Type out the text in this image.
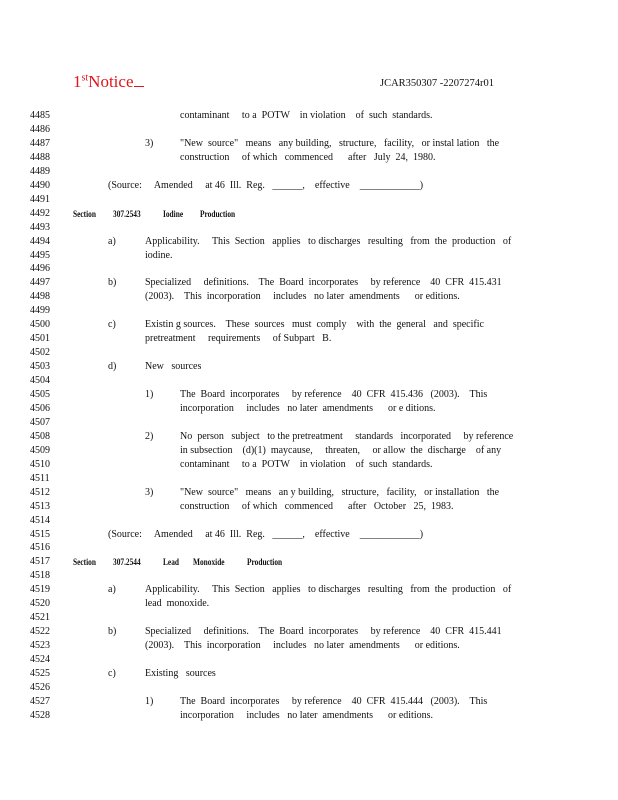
1stNotice	JCAR350307 -2207274r01
4485	contaminant     to a  POTW    in violation    of  such  standards.
4486
4487	3)	"New  source"   means   any building,   structure,   facility,   or instal lation   the
4488	construction     of which   commenced      after   July  24,  1980.
4489
4490	(Source:     Amended     at 46  Ill.  Reg.   ______,    effective    ____________)
4491
4492	Section 307.2543 Iodine Production
4493
4494	a)	Applicability.     This  Section   applies   to discharges   resulting   from  the  production   of
4495	iodine.
4496
4497	b)	Specialized     definitions.    The  Board  incorporates     by reference    40  CFR  415.431
4498	(2003).    This  incorporation     includes   no later  amendments      or editions.
4499
4500	c)	Existin g sources.    These  sources   must  comply    with  the  general   and  specific
4501	pretreatment     requirements     of Subpart   B.
4502
4503	d)	New   sources
4504
4505	1)	The  Board  incorporates     by reference    40  CFR  415.436   (2003).    This
4506	incorporation     includes   no later  amendments      or e ditions.
4507
4508	2)	No  person   subject   to the pretreatment     standards   incorporated     by reference
4509	in subsection    (d)(1)  maycause,     threaten,     or allow  the  discharge    of any
4510	contaminant     to a  POTW    in violation    of  such  standards.
4511
4512	3)	"New  source"   means   an y building,   structure,   facility,   or installation   the
4513	construction     of which   commenced      after   October   25,  1983.
4514
4515	(Source:     Amended     at 46  Ill.  Reg.   ______,    effective    ____________)
4516
4517	Section 307.2544 Lead Monoxide Production
4518
4519	a)	Applicability.     This  Section   applies   to discharges   resulting   from  the  production   of
4520	lead  monoxide.
4521
4522	b)	Specialized     definitions.    The  Board  incorporates     by reference    40  CFR  415.441
4523	(2003).    This  incorporation     includes   no later  amendments      or editions.
4524
4525	c)	Existing   sources
4526
4527	1)	The  Board  incorporates     by reference    40  CFR  415.444   (2003).    This
4528	incorporation     includes   no later  amendments      or editions.
